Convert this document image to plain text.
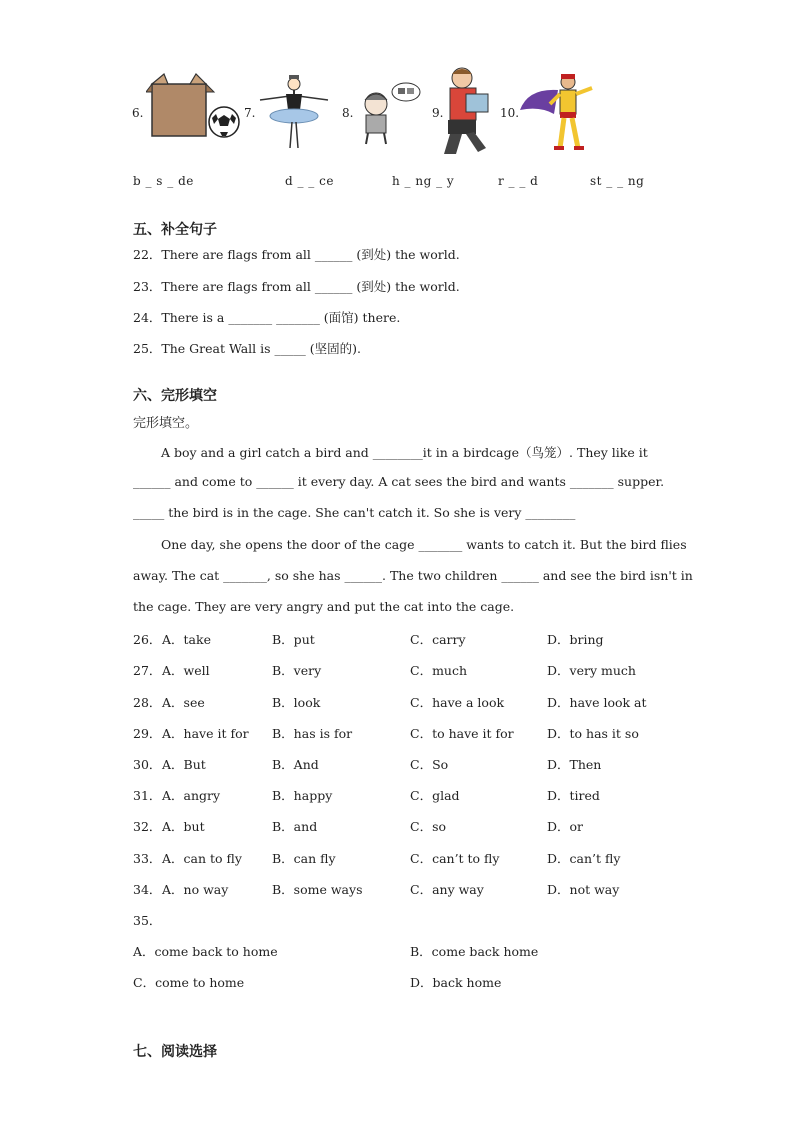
6.	7.	8.	9.	10.
b _ s _ de	d _ _ ce	h _ ng _ y	r _ _ d	st _ _ ng
五、补全句子
22．There are flags from all ______ (到处) the world.
23．There are flags from all ______ (到处) the world.
24．There is a _______ _______ (面馆) there.
25．The Great Wall is _____ (坚固的).
六、完形填空
完形填空。
A boy and a girl catch a bird and ________it in a birdcage（鸟笼）. They like it
______ and come to ______ it every day. A cat sees the bird and wants _______ supper.
_____ the bird is in the cage. She can't catch it. So she is very ________
One day, she opens the door of the cage _______ wants to catch it. But the bird flies
away. The cat _______, so she has ______. The two children ______ and see the bird isn't in
the cage. They are very angry and put the cat into the cage.
26． A．take	B．put	C．carry	D．bring
27． A．well	B．very	C．much	D．very much
28． A．see	B．look	C．have a look	D．have look at
29． A．have it for B．has is for	C．to have it for	D．to has it so
30． A．But	B．And	C．So	D．Then
31． A．angry	B．happy	C．glad	D．tired
32． A．but	B．and	C．so	D．or
33． A．can to fly B．can fly	C．can’t to fly	D．can’t fly
34． A．no way	B．some ways	C．any way	D．not way
35．
A．come back to home	B．come back home
C．come to home	D．back home
七、阅读选择
